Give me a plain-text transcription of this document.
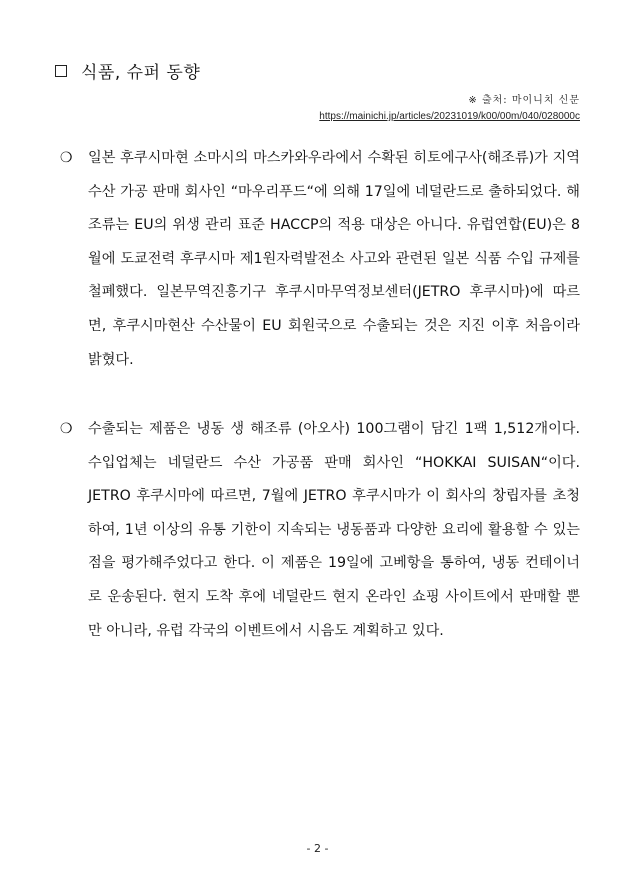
식품, 슈퍼 동향
※ 출처: 마이니치 신문
https://mainichi.jp/articles/20231019/k00/00m/040/028000c
❍ 일본 후쿠시마현 소마시의 마스카와우라에서 수확된 히토에구사(해조류)가 지역 수산 가공 판매 회사인 “마우리푸드“에 의해 17일에 네덜란드로 출하되었다. 해조류는 EU의 위생 관리 표준 HACCP의 적용 대상은 아니다. 유럽연합(EU)은 8월에 도쿄전력 후쿠시마 제1원자력발전소 사고와 관련된 일본 식품 수입 규제를 철폐했다. 일본무역진흥기구 후쿠시마무역정보센터(JETRO 후쿠시마)에 따르면, 후쿠시마현산 수산물이 EU 회원국으로 수출되는 것은 지진 이후 처음이라 밝혔다.
❍ 수출되는 제품은 냉동 생 해조류 (아오사) 100그램이 담긴 1팩 1,512개이다. 수입업체는 네덜란드 수산 가공품 판매 회사인 “HOKKAI SUISAN“이다. JETRO 후쿠시마에 따르면, 7월에 JETRO 후쿠시마가 이 회사의 창립자를 초청하여, 1년 이상의 유통 기한이 지속되는 냉동품과 다양한 요리에 활용할 수 있는 점을 평가해주었다고 한다. 이 제품은 19일에 고베항을 통하여, 냉동 컨테이너로 운송된다. 현지 도착 후에 네덜란드 현지 온라인 쇼핑 사이트에서 판매할 뿐만 아니라, 유럽 각국의 이벤트에서 시음도 계획하고 있다.
- 2 -
